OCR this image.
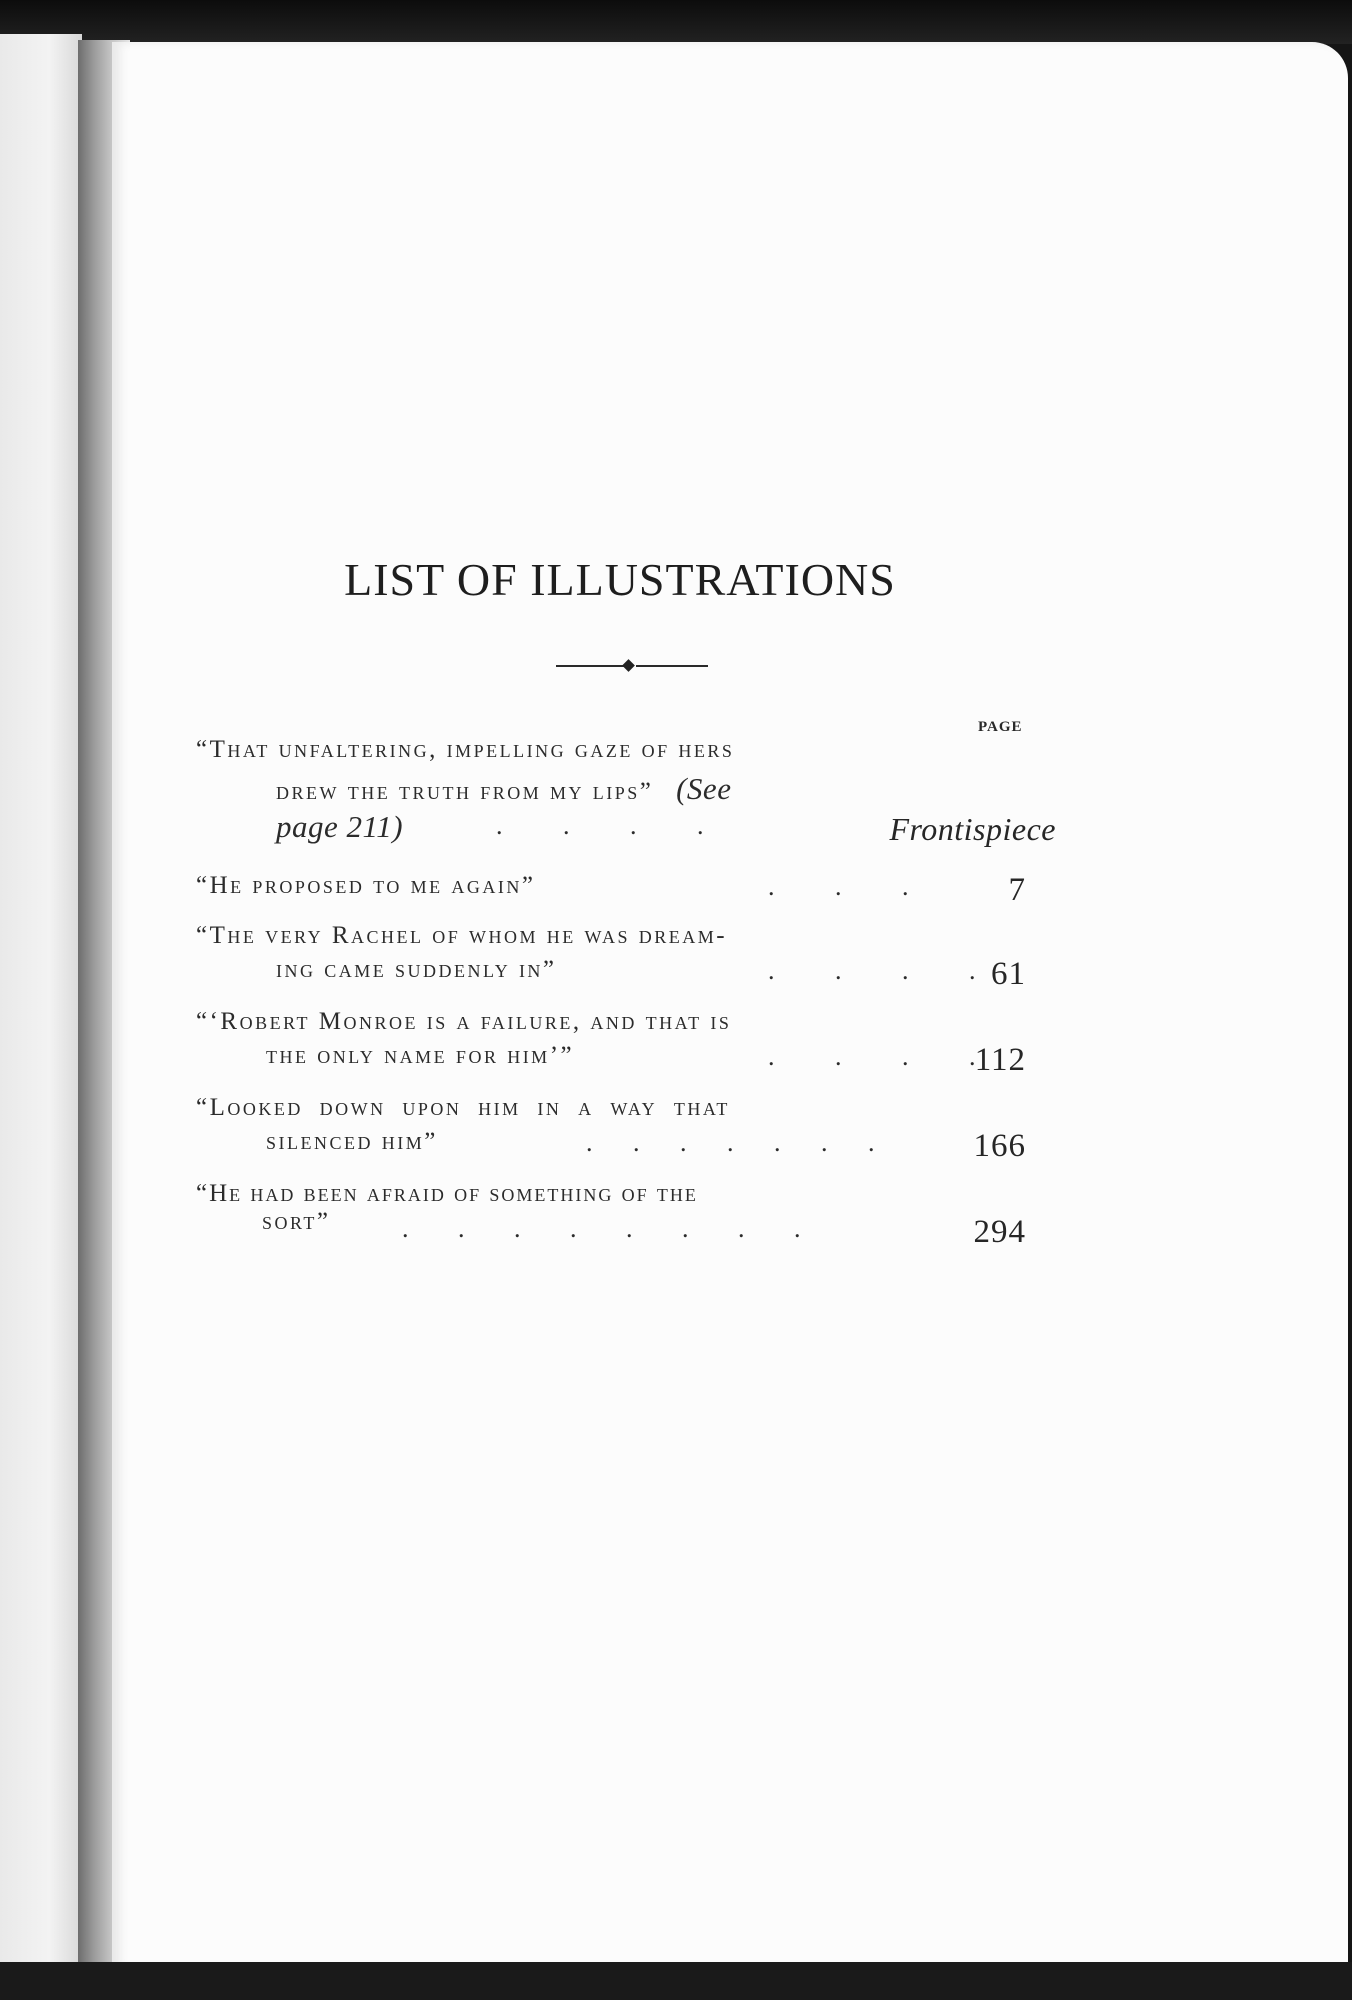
LIST OF ILLUSTRATIONS
PAGE
“That unfaltering, impelling gaze of hers
drew the truth from my lips” (See
page 211)	. . . .	Frontispiece
“He proposed to me again”	. . .	7
“The very Rachel of whom he was dream-
ing came suddenly in”	. . . . 61
“‘Robert Monroe is a failure, and that is
the only name for him’”	. . . . 112
“Looked down upon him in a way that
silenced him”	. . . . . . .	166
“He had been afraid of something of the
sort”	. . . . . . . .	294
